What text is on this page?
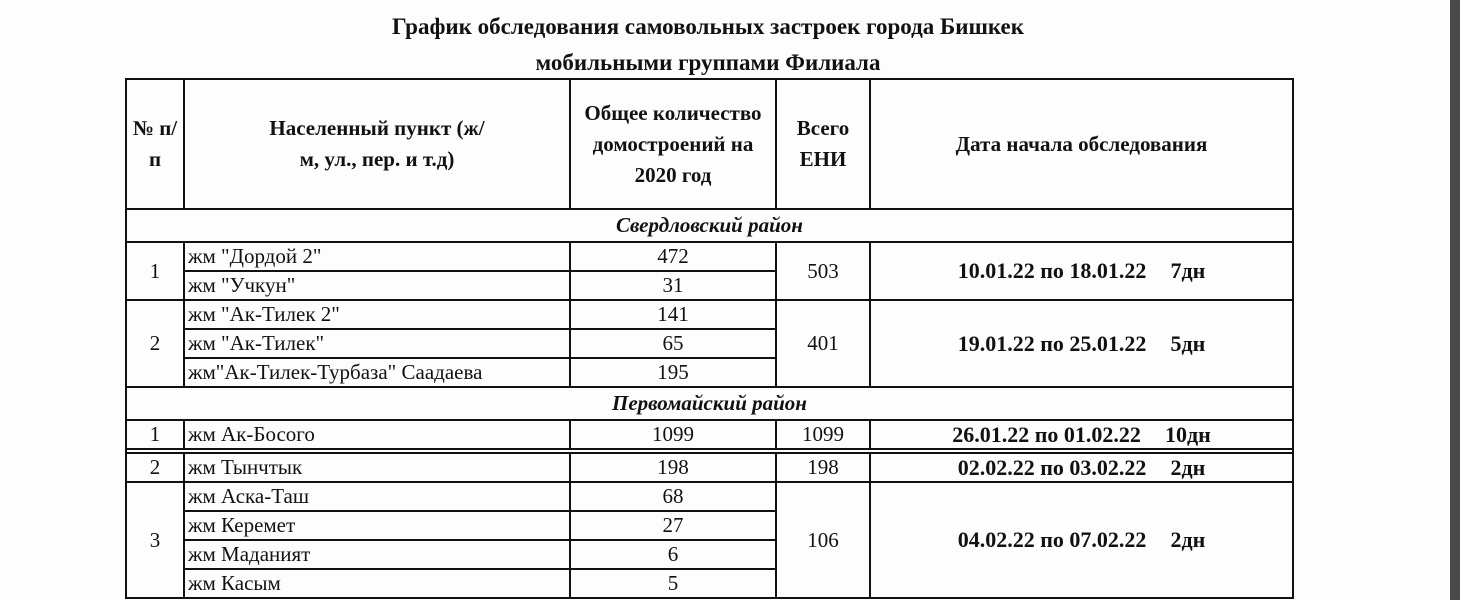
График обследования самовольных застроек города Бишкек
мобильными группами Филиала
№ п/п	Населенный пункт (ж/м, ул., пер. и т.д)	Общее количество домостроений на 2020 год	Всего ЕНИ	Дата начала обследования
Свердловский район				
1	жм "Дордой 2"	472	503	10.01.22 по 18.01.22 7дн
	жм "Учкун"	31		
2	жм "Ак-Тилек 2"	141	401	19.01.22 по 25.01.22 5дн
	жм "Ак-Тилек"	65		
	жм"Ак-Тилек-Турбаза" Саадаева	195		
Первомайский район				
1	жм Ак-Босого	1099	1099	26.01.22 по 01.02.22 10дн

2	жм Тынчтык	198	198	02.02.22 по 03.02.22 2дн
3	жм Аска-Таш	68	106	04.02.22 по 07.02.22 2дн
	жм Керемет	27		
	жм Маданият	6		
	жм Касым	5		
